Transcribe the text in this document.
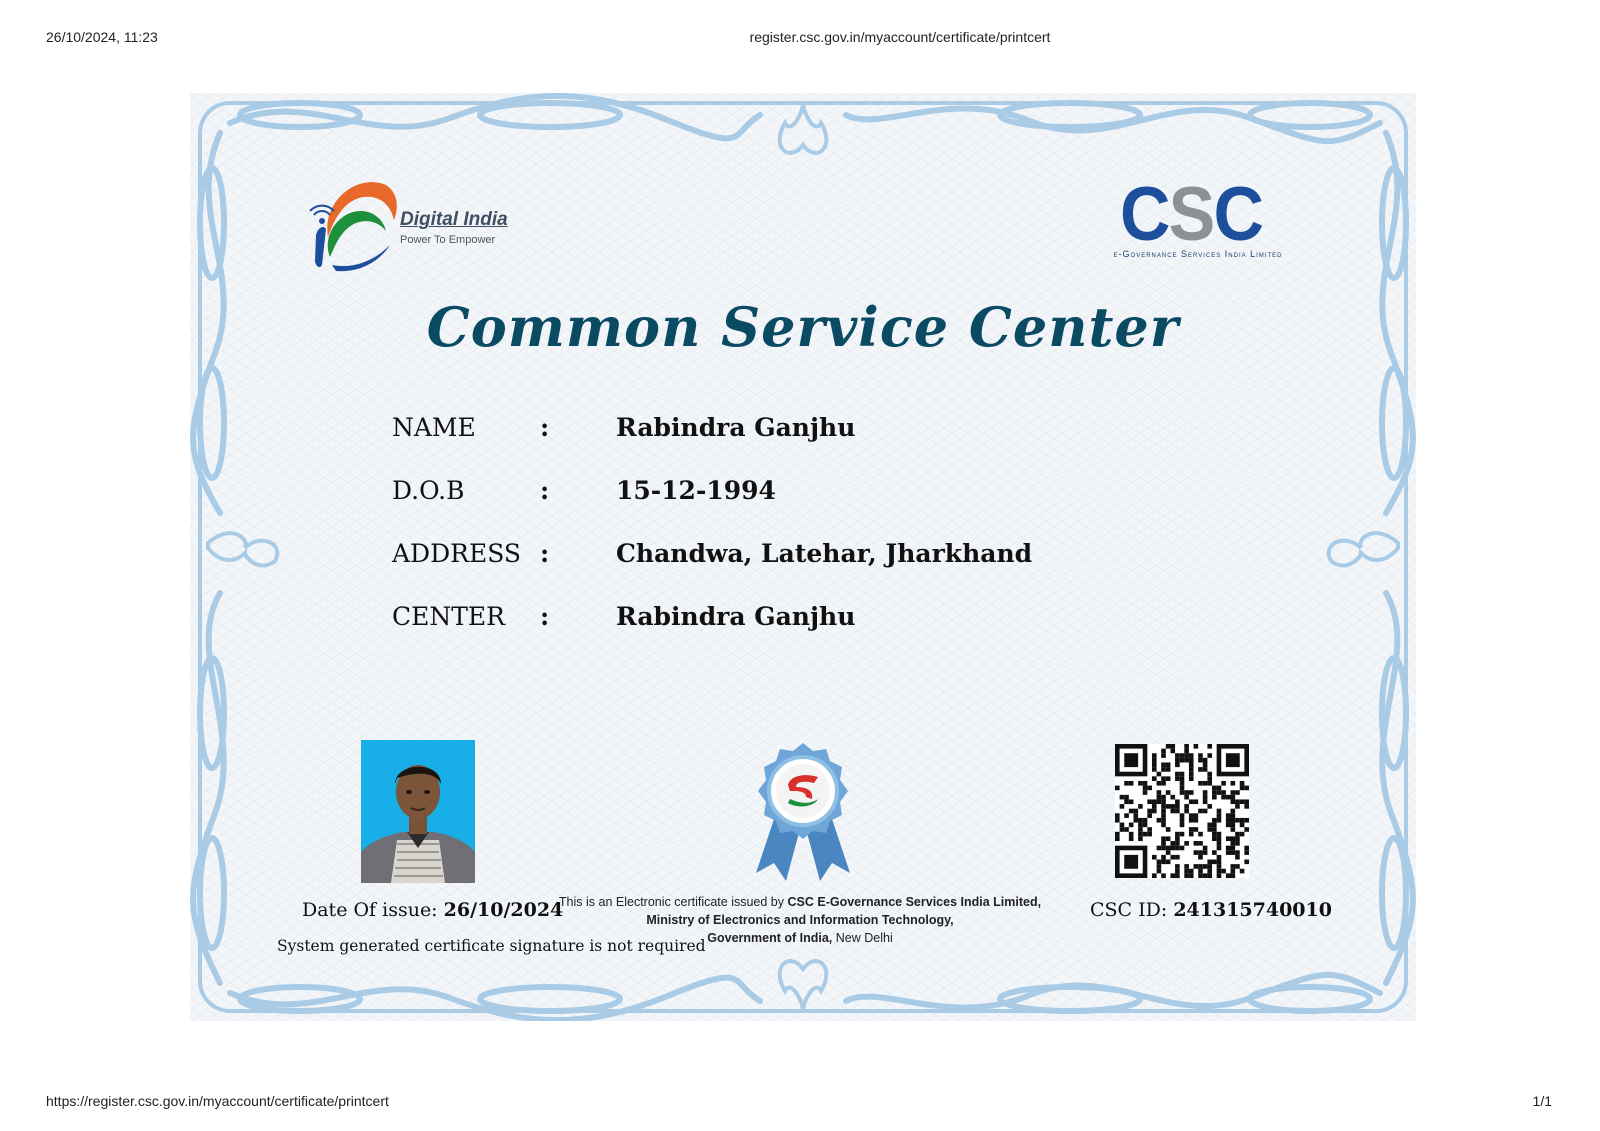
26/10/2024, 11:23	register.csc.gov.in/myaccount/certificate/printcert
Digital India
Power To Empower	CSC
e-Governance Services India Limited
Common Service Center
NAME	:	Rabindra Ganjhu
D.O.B	:	15-12-1994
ADDRESS :	Chandwa, Latehar, Jharkhand
CENTER :	Rabindra Ganjhu
Date Of issue: 26/10/2024
System generated certificate signature is not required
This is an Electronic certificate issued by CSC E-Governance Services India Limited,
Ministry of Electronics and Information Technology,
Government of India, New Delhi
CSC ID: 241315740010
https://register.csc.gov.in/myaccount/certificate/printcert	1/1
